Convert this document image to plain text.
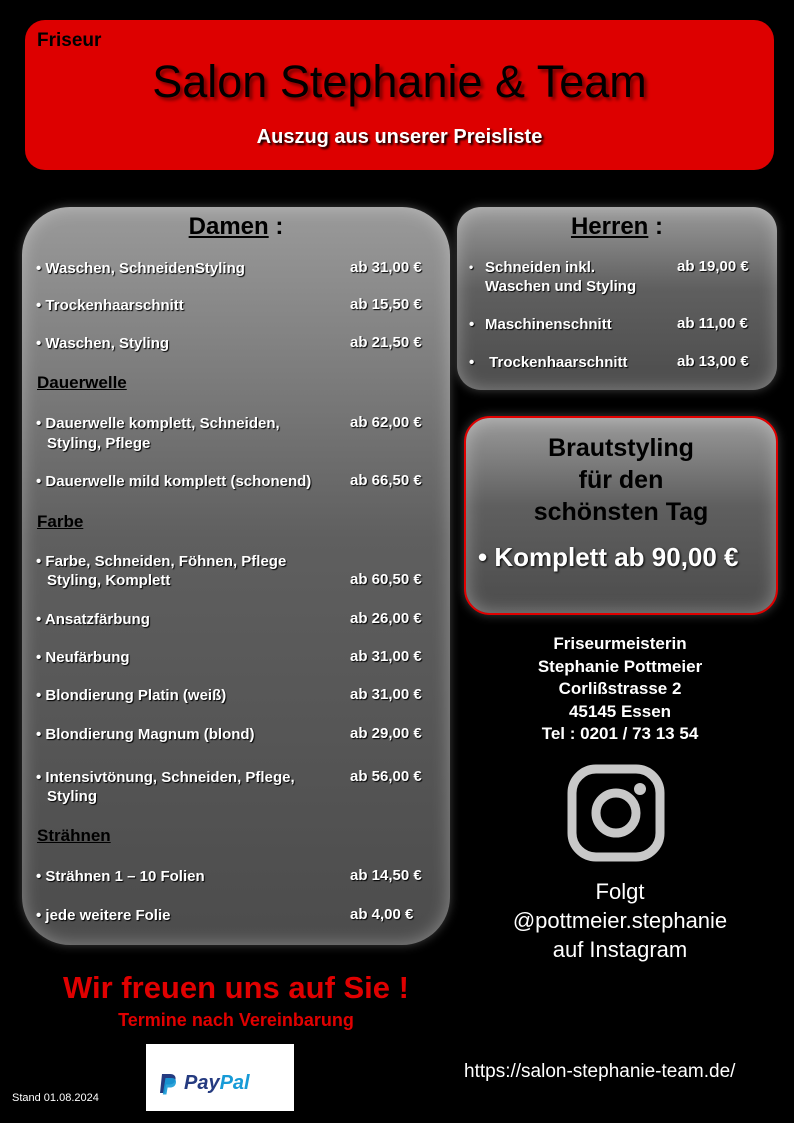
Friseur
Salon Stephanie & Team
Auszug aus unserer Preisliste
Damen :
• Waschen, SchneidenStyling	ab 31,00 €
• Trockenhaarschnitt	ab 15,50 €
• Waschen, Styling	ab 21,50 €
Dauerwelle
• Dauerwelle komplett, Schneiden,
Styling, Pflege
ab 62,00 €
• Dauerwelle mild komplett (schonend)	ab 66,50 €
Farbe
• Farbe, Schneiden, Föhnen, Pflege
Styling, Komplett	ab 60,50 €
• Ansatzfärbung	ab 26,00 €
• Neufärbung	ab 31,00 €
• Blondierung Platin (weiß)	ab 31,00 €
• Blondierung Magnum (blond)	ab 29,00 €
• Intensivtönung, Schneiden, Pflege,
Styling
ab 56,00 €
Strähnen
• Strähnen 1 – 10 Folien	ab 14,50 €
• jede weitere Folie	ab 4,00 €
Herren :
• Schneiden inkl.
Waschen und Styling
ab 19,00 €
• Maschinenschnitt	ab 11,00 €
• Trockenhaarschnitt	ab 13,00 €
Brautstyling
für den
schönsten Tag
• Komplett ab 90,00 €
Friseurmeisterin
Stephanie Pottmeier
Corlißstrasse 2
45145 Essen
Tel : 0201 / 73 13 54
Folgt
@pottmeier.stephanie
auf Instagram
Wir freuen uns auf Sie !
Termine nach Vereinbarung
Stand 01.08.2024
PayPal
https://salon-stephanie-team.de/
